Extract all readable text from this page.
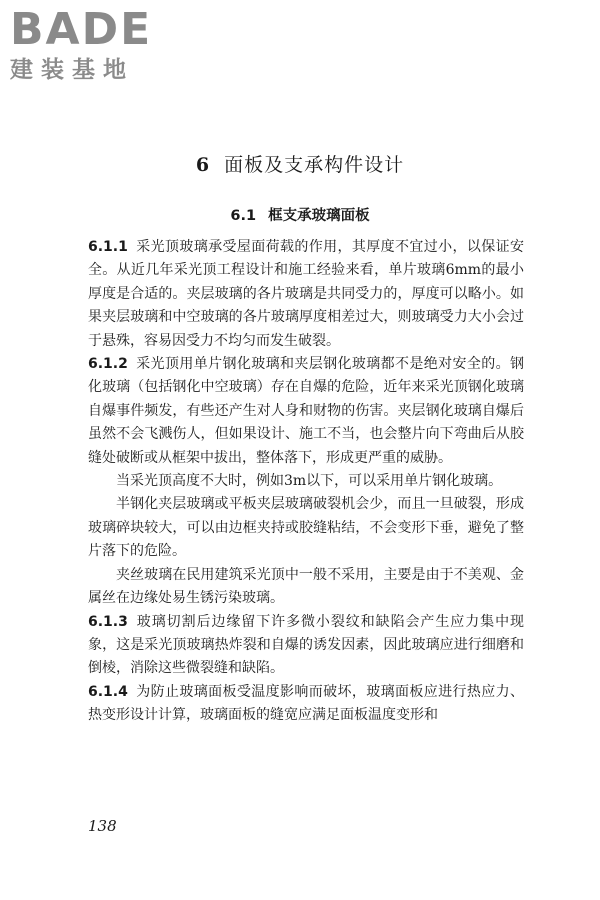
BADE
建装基地
6 面板及支承构件设计
6.1 框支承玻璃面板

6.1.1 采光顶玻璃承受屋面荷载的作用，其厚度不宜过小，以保证安全。从近几年采光顶工程设计和施工经验来看，单片玻璃6mm的最小厚度是合适的。夹层玻璃的各片玻璃是共同受力的，厚度可以略小。如果夹层玻璃和中空玻璃的各片玻璃厚度相差过大，则玻璃受力大小会过于悬殊，容易因受力不均匀而发生破裂。

6.1.2 采光顶用单片钢化玻璃和夹层钢化玻璃都不是绝对安全的。钢化玻璃（包括钢化中空玻璃）存在自爆的危险，近年来采光顶钢化玻璃自爆事件频发，有些还产生对人身和财物的伤害。夹层钢化玻璃自爆后虽然不会飞溅伤人，但如果设计、施工不当，也会整片向下弯曲后从胶缝处破断或从框架中拔出，整体落下，形成更严重的威胁。

当采光顶高度不大时，例如3m以下，可以采用单片钢化玻璃。

半钢化夹层玻璃或平板夹层玻璃破裂机会少，而且一旦破裂，形成玻璃碎块较大，可以由边框夹持或胶缝粘结，不会变形下垂，避免了整片落下的危险。

夹丝玻璃在民用建筑采光顶中一般不采用，主要是由于不美观、金属丝在边缘处易生锈污染玻璃。

6.1.3 玻璃切割后边缘留下许多微小裂纹和缺陷会产生应力集中现象，这是采光顶玻璃热炸裂和自爆的诱发因素，因此玻璃应进行细磨和倒棱，消除这些微裂缝和缺陷。

6.1.4 为防止玻璃面板受温度影响而破坏，玻璃面板应进行热应力、热变形设计计算，玻璃面板的缝宽应满足面板温度变形和

138
